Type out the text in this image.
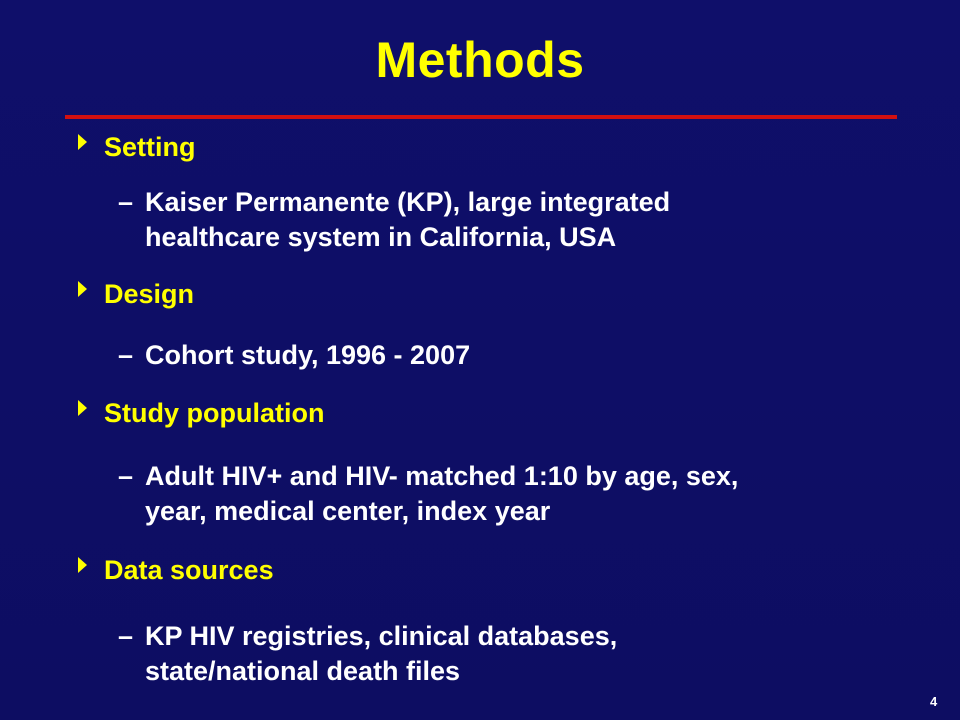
Methods
Setting
– Kaiser Permanente (KP), large integrated
healthcare system in California, USA
Design
– Cohort study, 1996 - 2007
Study population
– Adult HIV+ and HIV- matched 1:10 by age, sex,
year, medical center, index year
Data sources
– KP HIV registries, clinical databases,
state/national death files
4
